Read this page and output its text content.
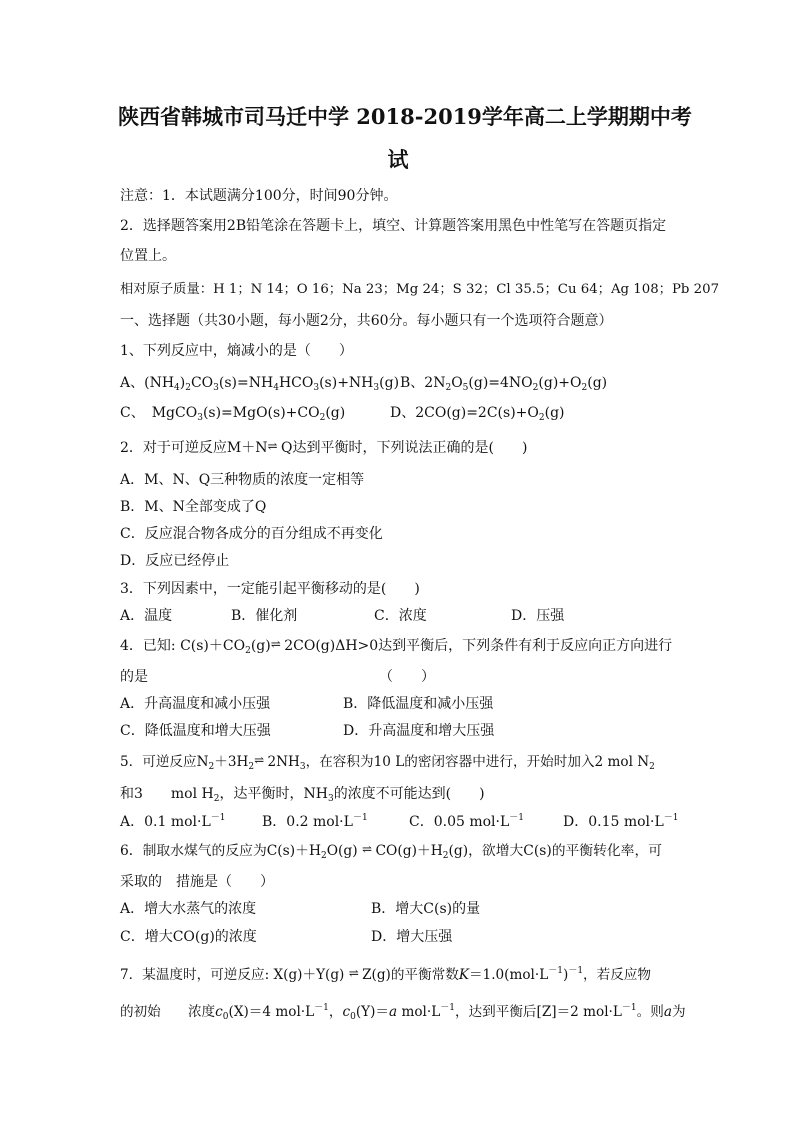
陕西省韩城市司马迁中学 2018-2019学年高二上学期期中考
试
注意：1．本试题满分100分，时间90分钟。
2．选择题答案用2B铅笔涂在答题卡上，填空、计算题答案用黑色中性笔写在答题页指定
位置上。
相对原子质量：H 1；N 14；O 16；Na 23；Mg 24；S 32；Cl 35.5；Cu 64；Ag 108；Pb 207
一、选择题（共30小题，每小题2分，共60分。每小题只有一个选项符合题意）
1、下列反应中，熵减小的是（　　）
A、$(NH_4)_2CO_3(s)=NH_4HCO_3(s)+NH_3(g)$ B、$2N_2O_5(g)=4NO_2(g)+O_2(g)$
C、　$MgCO_3(s)=MgO(s)+CO_2(g)$	D、$2CO(g)=2C(s)+O_2(g)$
2．对于可逆反应M＋N⇌ Q达到平衡时，下列说法正确的是(　　)
A．M、N、Q三种物质的浓度一定相等
B．M、N全部变成了Q
C．反应混合物各成分的百分组成不再变化
D．反应已经停止
3．下列因素中，一定能引起平衡移动的是(　　)
A．温度	B．催化剂	C．浓度	D．压强
4．已知: $C(s)+CO_2(g)\rightleftharpoons$ 2CO(g)ΔH>0达到平衡后，下列条件有利于反应向正方向进行
的是　　　　　　　　　　　　　　　　　（　　）
A．升高温度和减小压强	B．降低温度和减小压强
C．降低温度和增大压强	D．升高温度和增大压强
5．可逆反应$N_2+3H_2\rightleftharpoons$ $2NH_3$，在容积为10 L的密闭容器中进行，开始时加入2 mol $N_2$
和3　　mol $H_2$，达平衡时，$NH_3$的浓度不可能达到(　　)
A．0.1 $mol\cdot L^{-1}$	B．0.2 $mol\cdot L^{-1}$	C．0.05 $mol\cdot L^{-1}$	D．0.15 $mol\cdot L^{-1}$
6．制取水煤气的反应为$C(s)+H_2O(g)$ ⇌ $CO(g)+H_2(g)$，欲增大C(s)的平衡转化率，可
采取的　措施是（　　）
A．增大水蒸气的浓度	B．增大C(s)的量
C．增大CO(g)的浓度	D．增大压强
7．某温度时，可逆反应: X(g)＋Y(g) ⇌ Z(g)的平衡常数$K=1.0(mol\cdot L^{-1})^{-1}$，若反应物
的初始　　浓度$c_0(X)=4$ $mol\cdot L^{-1}$，$c_0(Y)=a$ $mol\cdot L^{-1}$，达到平衡后[Z]＝2 $mol\cdot L^{-1}$。则a为
